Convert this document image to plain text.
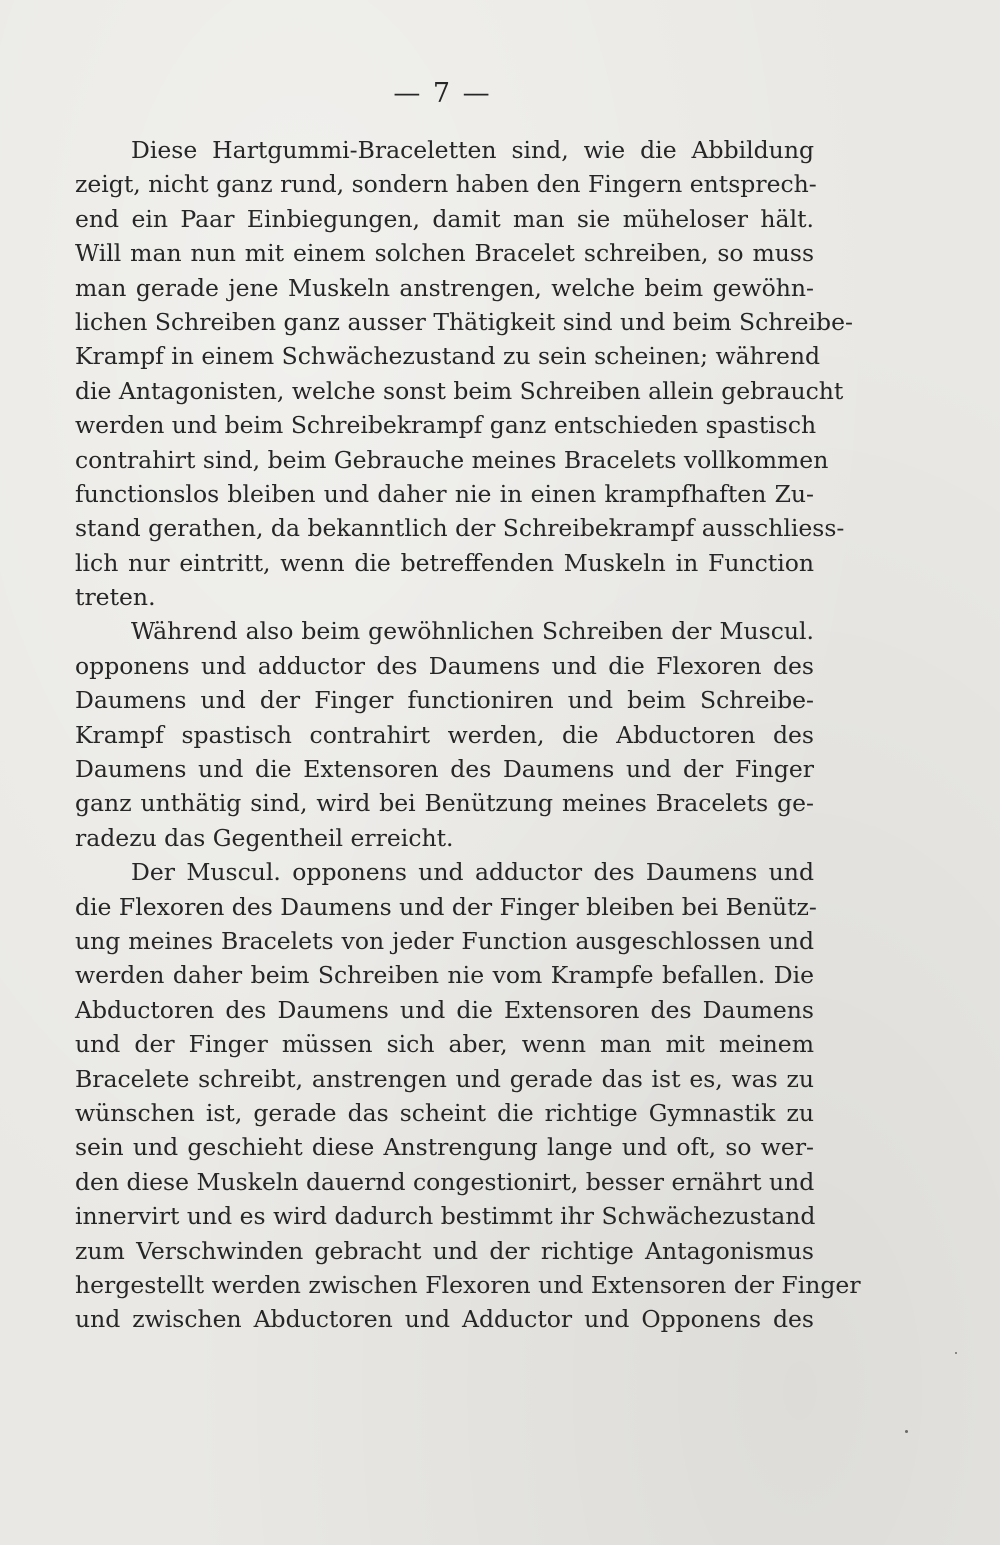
— 7 —
Diese Hartgummi-Braceletten sind, wie die Abbildung
zeigt, nicht ganz rund, sondern haben den Fingern entsprech-
end ein Paar Einbiegungen, damit man sie müheloser hält.
Will man nun mit einem solchen Bracelet schreiben, so muss
man gerade jene Muskeln anstrengen, welche beim gewöhn-
lichen Schreiben ganz ausser Thätigkeit sind und beim Schreibe-
Krampf in einem Schwächezustand zu sein scheinen; während
die Antagonisten, welche sonst beim Schreiben allein gebraucht
werden und beim Schreibekrampf ganz entschieden spastisch
contrahirt sind, beim Gebrauche meines Bracelets vollkommen
functionslos bleiben und daher nie in einen krampfhaften Zu-
stand gerathen, da bekanntlich der Schreibekrampf ausschliess-
lich nur eintritt, wenn die betreffenden Muskeln in Function
treten.
Während also beim gewöhnlichen Schreiben der Muscul.
opponens und adductor des Daumens und die Flexoren des
Daumens und der Finger functioniren und beim Schreibe-
Krampf spastisch contrahirt werden, die Abductoren des
Daumens und die Extensoren des Daumens und der Finger
ganz unthätig sind, wird bei Benützung meines Bracelets ge-
radezu das Gegentheil erreicht.
Der Muscul. opponens und adductor des Daumens und
die Flexoren des Daumens und der Finger bleiben bei Benütz-
ung meines Bracelets von jeder Function ausgeschlossen und
werden daher beim Schreiben nie vom Krampfe befallen. Die
Abductoren des Daumens und die Extensoren des Daumens
und der Finger müssen sich aber, wenn man mit meinem
Bracelete schreibt, anstrengen und gerade das ist es, was zu
wünschen ist, gerade das scheint die richtige Gymnastik zu
sein und geschieht diese Anstrengung lange und oft, so wer-
den diese Muskeln dauernd congestionirt, besser ernährt und
innervirt und es wird dadurch bestimmt ihr Schwächezustand
zum Verschwinden gebracht und der richtige Antagonismus
hergestellt werden zwischen Flexoren und Extensoren der Finger
und zwischen Abductoren und Adductor und Opponens des
